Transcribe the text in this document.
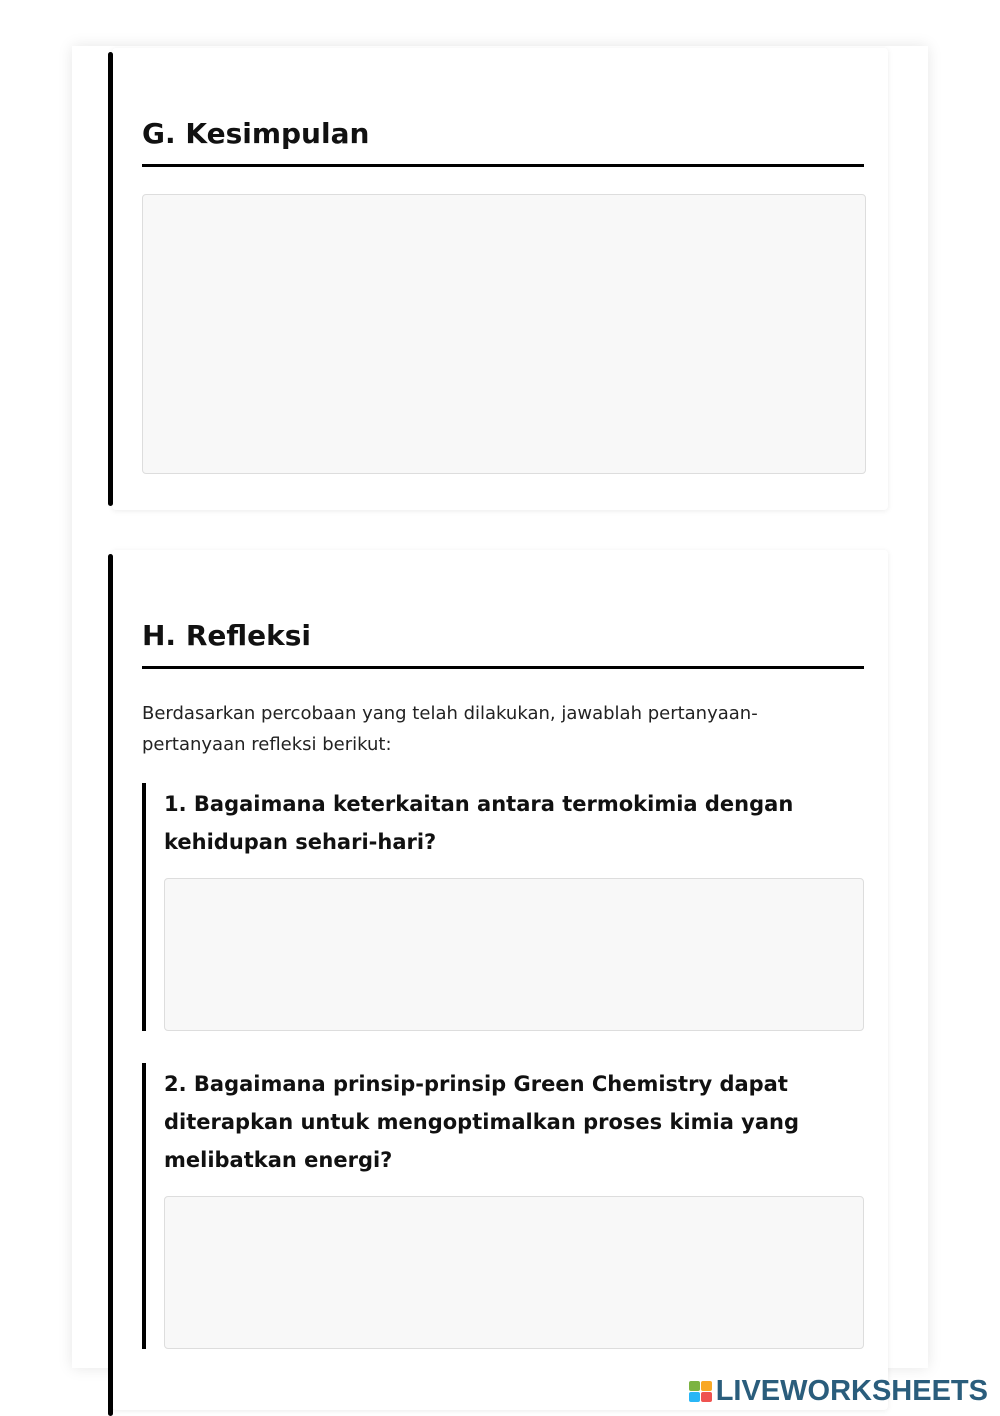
G. Kesimpulan
H. Refleksi
Berdasarkan percobaan yang telah dilakukan, jawablah pertanyaan-pertanyaan refleksi berikut:
1. Bagaimana keterkaitan antara termokimia dengan kehidupan sehari-hari?
2. Bagaimana prinsip-prinsip Green Chemistry dapat diterapkan untuk mengoptimalkan proses kimia yang melibatkan energi?
LIVEWORKSHEETS
